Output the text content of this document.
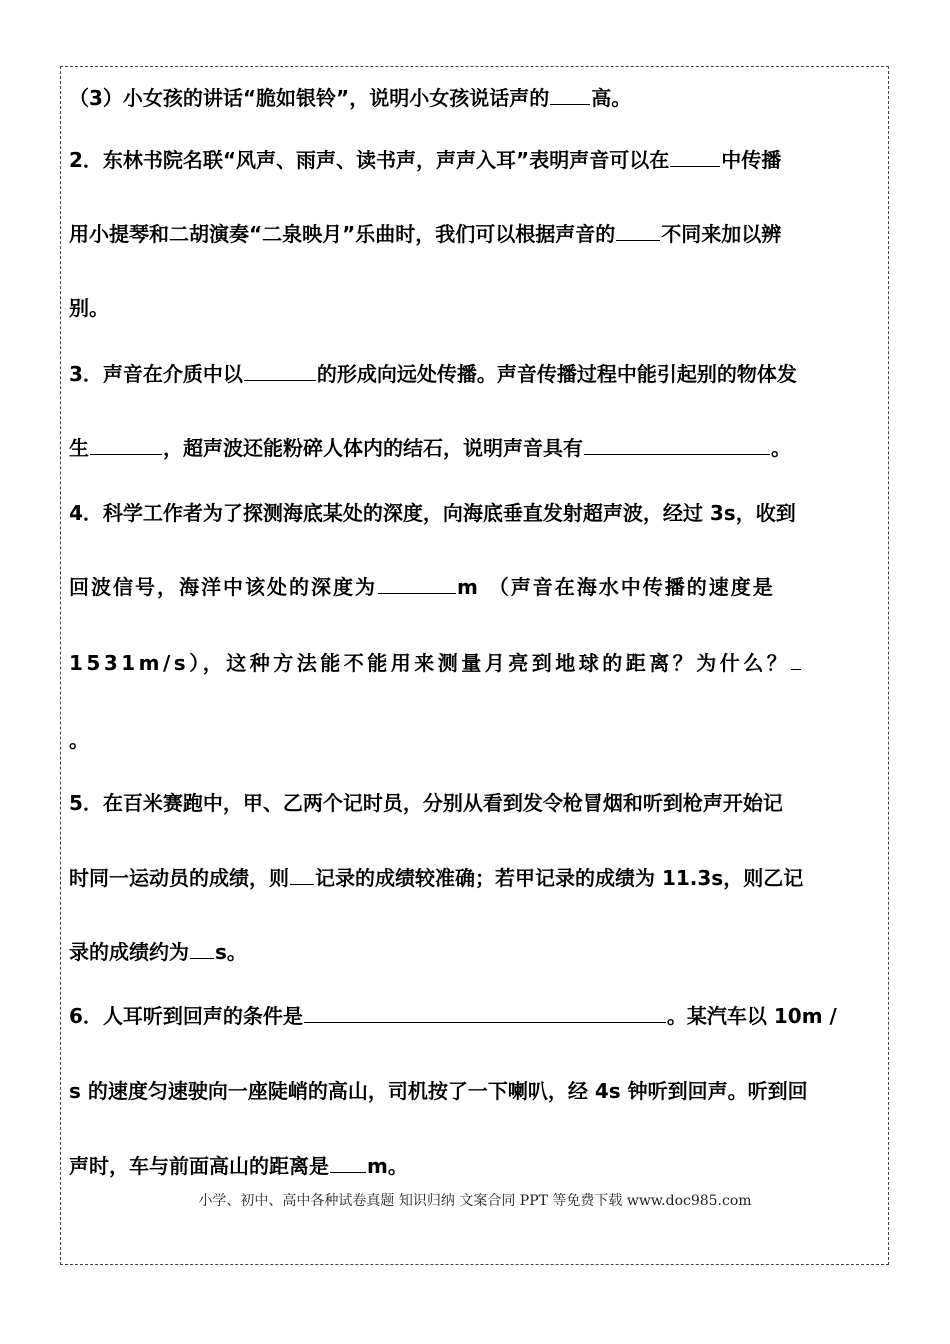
（3）小女孩的讲话“脆如银铃”，说明小女孩说话声的 高。
2．东林书院名联“风声、雨声、读书声，声声入耳”表明声音可以在	中传播
用小提琴和二胡演奏“二泉映月”乐曲时，我们可以根据声音的 不同来加以辨
别。
3．声音在介质中以	的形成向远处传播。声音传播过程中能引起别的物体发
生	，超声波还能粉碎人体内的结石，说明声音具有	。
4．科学工作者为了探测海底某处的深度，向海底垂直发射超声波，经过 3s，收到
回波信号，海洋中该处的深度为	m （声音在海水中传播的速度是
1531m/s），这种方法能不能用来测量月亮到地球的距离？为什么？
。
5．在百米赛跑中，甲、乙两个记时员，分别从看到发令枪冒烟和听到枪声开始记
时同一运动员的成绩，则 记录的成绩较准确；若甲记录的成绩为 11.3s，则乙记
录的成绩约为 s。
6．人耳听到回声的条件是	。某汽车以 10m /
s 的速度匀速驶向一座陡峭的高山，司机按了一下喇叭，经 4s 钟听到回声。听到回
声时，车与前面高山的距离是 m。
小学、初中、高中各种试卷真题 知识归纳 文案合同 PPT 等免费下载 www.doc985.com
